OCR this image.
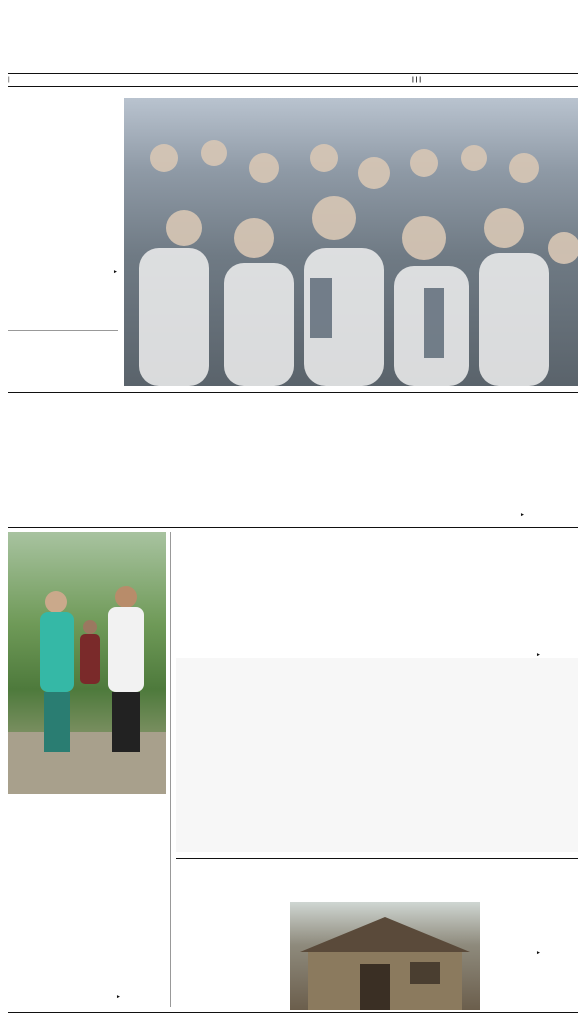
|	| | |
►
►
►
►
►
